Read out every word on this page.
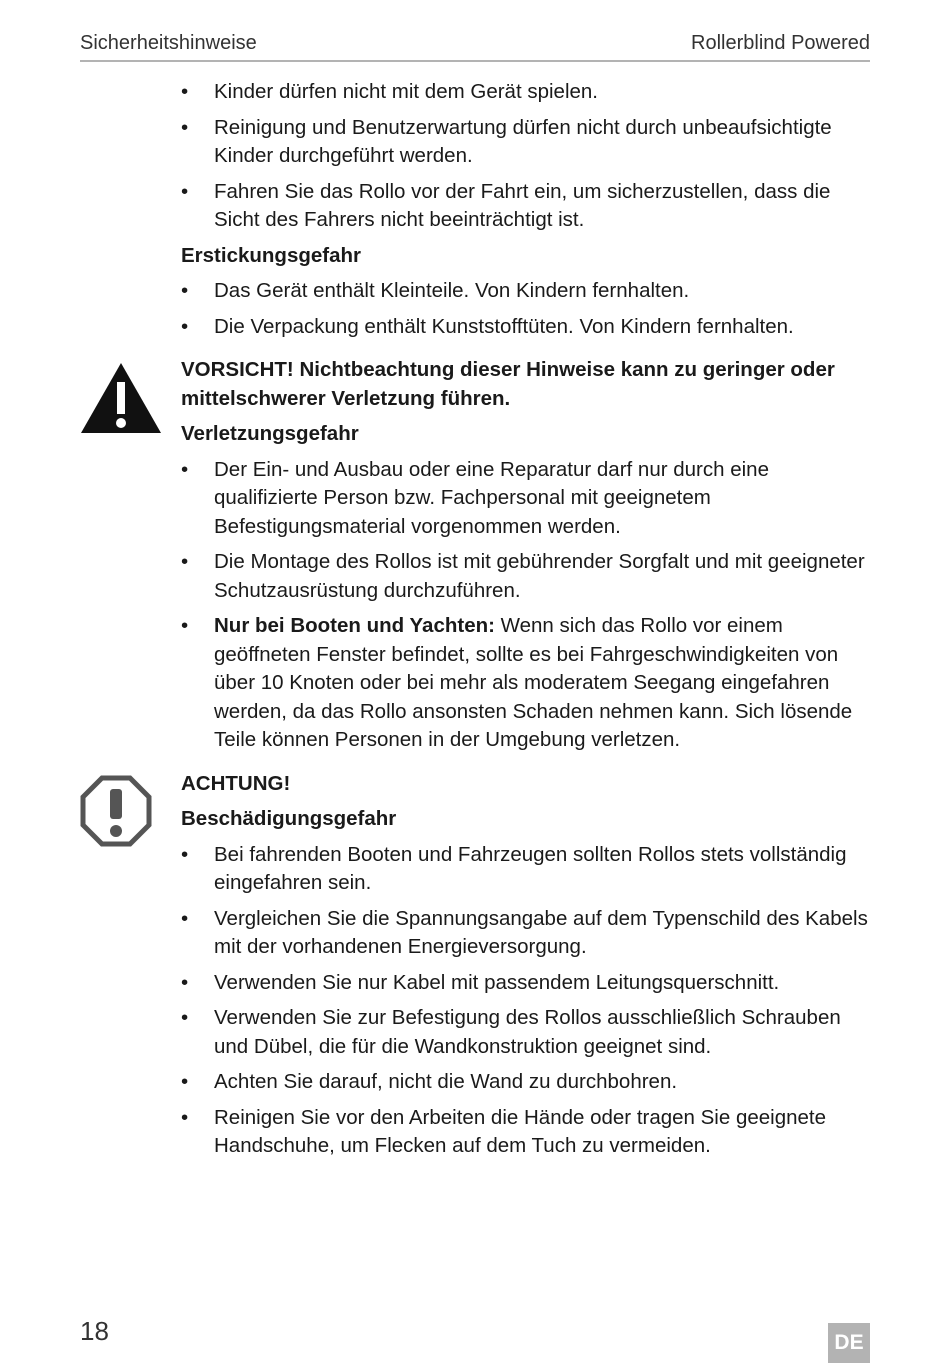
Sicherheitshinweise	Rollerblind Powered
•	Kinder dürfen nicht mit dem Gerät spielen.
•	Reinigung und Benutzerwartung dürfen nicht durch unbeaufsichtigte Kinder durchgeführt werden.
•	Fahren Sie das Rollo vor der Fahrt ein, um sicherzustellen, dass die Sicht des Fahrers nicht beeinträchtigt ist.
Erstickungsgefahr
•	Das Gerät enthält Kleinteile. Von Kindern fernhalten.
•	Die Verpackung enthält Kunststofftüten. Von Kindern fernhalten.
VORSICHT! Nichtbeachtung dieser Hinweise kann zu geringer oder mittelschwerer Verletzung führen.
Verletzungsgefahr
•	Der Ein- und Ausbau oder eine Reparatur darf nur durch eine qualifizierte Person bzw. Fachpersonal mit geeignetem Befestigungsmaterial vorgenommen werden.
•	Die Montage des Rollos ist mit gebührender Sorgfalt und mit geeigneter Schutzausrüstung durchzuführen.
•	Nur bei Booten und Yachten: Wenn sich das Rollo vor einem geöffneten Fenster befindet, sollte es bei Fahrgeschwindigkeiten von über 10 Knoten oder bei mehr als moderatem Seegang eingefahren werden, da das Rollo ansonsten Schaden nehmen kann. Sich lösende Teile können Personen in der Umgebung verletzen.
ACHTUNG!
Beschädigungsgefahr
•	Bei fahrenden Booten und Fahrzeugen sollten Rollos stets vollständig eingefahren sein.
•	Vergleichen Sie die Spannungsangabe auf dem Typenschild des Kabels mit der vorhandenen Energieversorgung.
•	Verwenden Sie nur Kabel mit passendem Leitungsquerschnitt.
•	Verwenden Sie zur Befestigung des Rollos ausschließlich Schrauben und Dübel, die für die Wandkonstruktion geeignet sind.
•	Achten Sie darauf, nicht die Wand zu durchbohren.
•	Reinigen Sie vor den Arbeiten die Hände oder tragen Sie geeignete Handschuhe, um Flecken auf dem Tuch zu vermeiden.
18	DE
